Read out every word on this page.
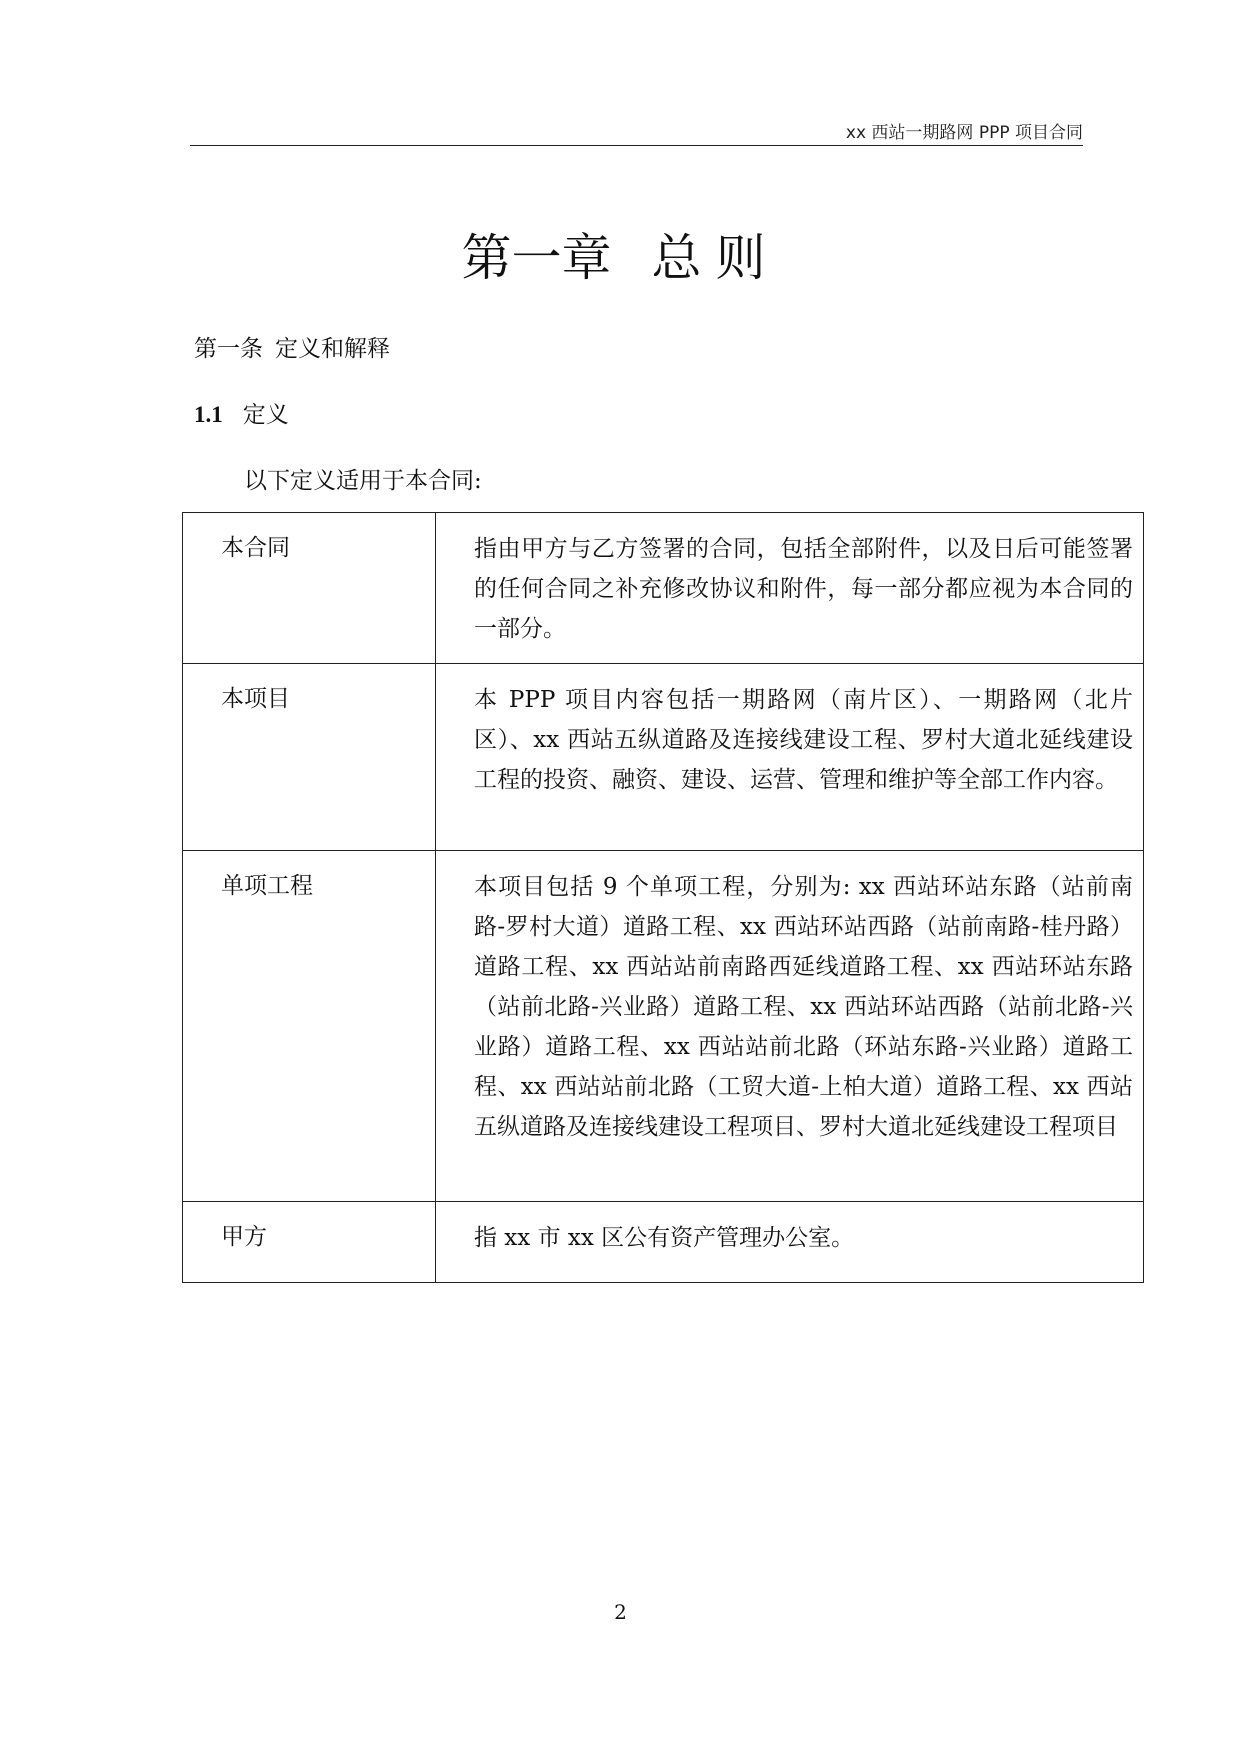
xx 西站一期路网 PPP 项目合同
第一章 总则
第一条 定义和解释
1.1 定义
以下定义适用于本合同:
本合同	指由甲方与乙方签署的合同，包括全部附件，以及日后可能签署的任何合同之补充修改协议和附件，每一部分都应视为本合同的一部分。
本项目	本 PPP 项目内容包括一期路网（南片区）、一期路网（北片区）、xx 西站五纵道路及连接线建设工程、罗村大道北延线建设工程的投资、融资、建设、运营、管理和维护等全部工作内容。
单项工程	本项目包括 9 个单项工程，分别为: xx 西站环站东路（站前南路-罗村大道）道路工程、xx 西站环站西路（站前南路-桂丹路）道路工程、xx 西站站前南路西延线道路工程、xx 西站环站东路（站前北路-兴业路）道路工程、xx 西站环站西路（站前北路-兴业路）道路工程、xx 西站站前北路（环站东路-兴业路）道路工程、xx 西站站前北路（工贸大道-上柏大道）道路工程、xx 西站五纵道路及连接线建设工程项目、罗村大道北延线建设工程项目
甲方	指 xx 市 xx 区公有资产管理办公室。
2
